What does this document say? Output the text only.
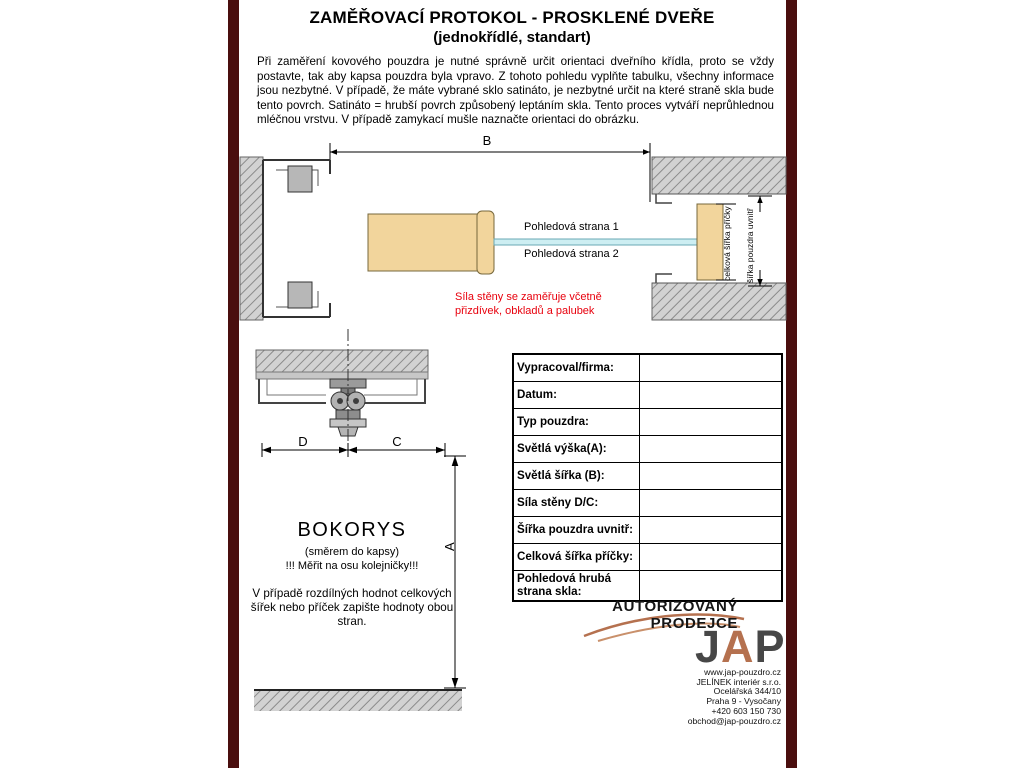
ZAMĚŘOVACÍ PROTOKOL - PROSKLENÉ DVEŘE
(jednokřídlé, standart)
Při zaměření kovového pouzdra je nutné správně určit orientaci dveřního křídla, proto se vždy postavte, tak aby kapsa pouzdra byla vpravo. Z tohoto pohledu vyplňte tabulku, všechny informace jsou nezbytné. V případě, že máte vybrané sklo satináto, je nezbytné určit na které straně skla bude tento povrch. Satináto = hrubší povrch způsobený leptáním skla. Tento proces vytváří neprůhlednou mléčnou vrstvu. V případě zamykací mušle naznačte orientaci do obrázku.
B
Pohledová strana 1
Pohledová strana 2
Síla stěny se zaměřuje včetně
přizdívek, obkladů a palubek
celková šířka příčky šířka pouzdra uvnitř
D	C
A
BOKORYS
(směrem do kapsy)
!!! Měřit na osu kolejničky!!!
V případě rozdílných hodnot celkových šířek nebo příček zapište hodnoty obou stran.
Vypracoval/firma:	
Datum:	
Typ pouzdra:	
Světlá výška(A):	
Světlá šířka (B):	
Síla stěny D/C:	
Šířka pouzdra uvnitř:	
Celková šířka příčky:	
Pohledová hrubá strana skla:	
AUTORIZOVANÝ
PRODEJCE
JAP
www.jap-pouzdro.cz
JELÍNEK interiér s.r.o.
Ocelářská 344/10
Praha 9 - Vysočany
+420 603 150 730
obchod@jap-pouzdro.cz
